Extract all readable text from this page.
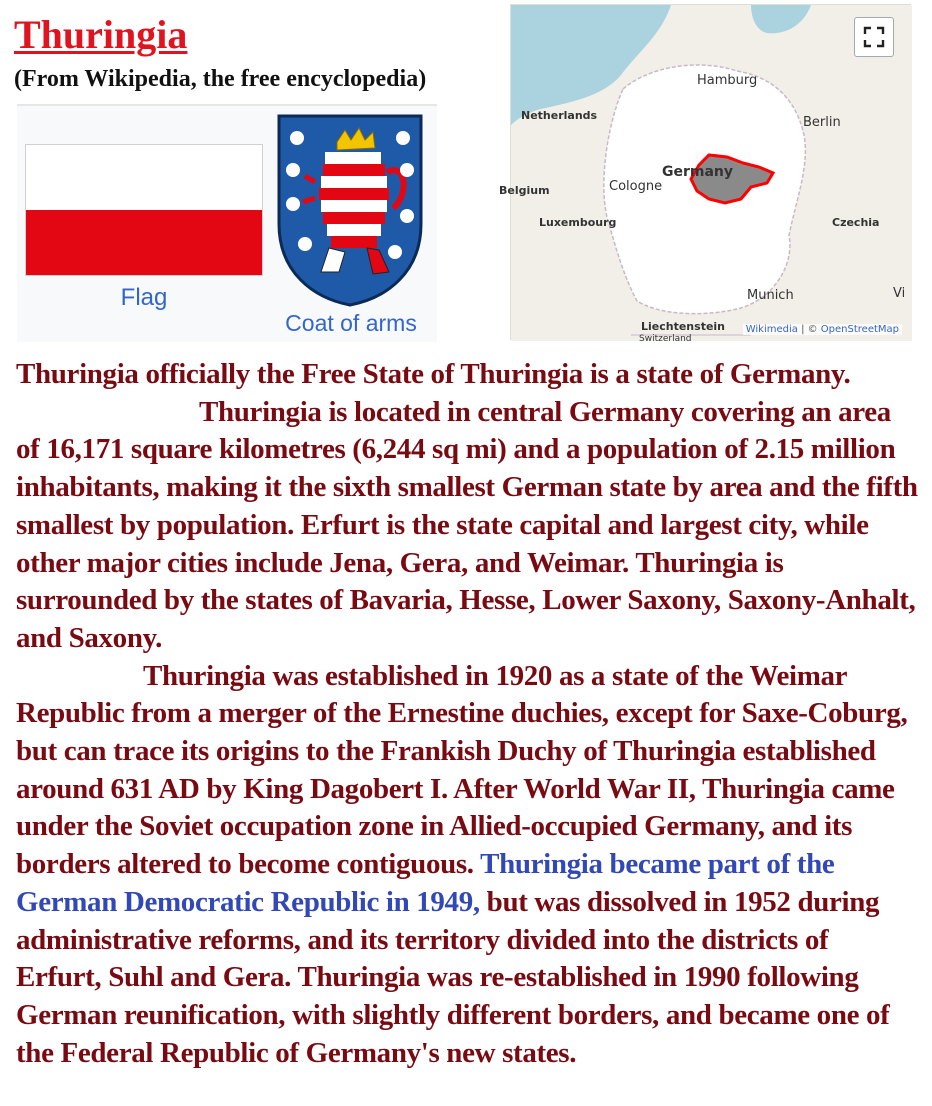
Thuringia
(From Wikipedia, the free encyclopedia)
Flag
Coat of arms
Hamburg
Netherlands	Berlin
Germany
Belgium	Cologne
Luxembourg	Czechia
Munich	Vi
Liechtenstein
Switzerland
Wikimedia | © OpenStreetMap

Thuringia officially the Free State of Thuringia is a state of Germany.
Thuringia is located in central Germany covering an area of 16,171 square kilometres (6,244 sq mi) and a population of 2.15 million inhabitants, making it the sixth smallest German state by area and the fifth smallest by population. Erfurt is the state capital and largest city, while other major cities include Jena, Gera, and Weimar. Thuringia is surrounded by the states of Bavaria, Hesse, Lower Saxony, Saxony-Anhalt, and Saxony.
Thuringia was established in 1920 as a state of the Weimar Republic from a merger of the Ernestine duchies, except for Saxe-Coburg, but can trace its origins to the Frankish Duchy of Thuringia established around 631 AD by King Dagobert I. After World War II, Thuringia came under the Soviet occupation zone in Allied-occupied Germany, and its borders altered to become contiguous. Thuringia became part of the German Democratic Republic in 1949, but was dissolved in 1952 during administrative reforms, and its territory divided into the districts of Erfurt, Suhl and Gera. Thuringia was re-established in 1990 following German reunification, with slightly different borders, and became one of the Federal Republic of Germany's new states.
